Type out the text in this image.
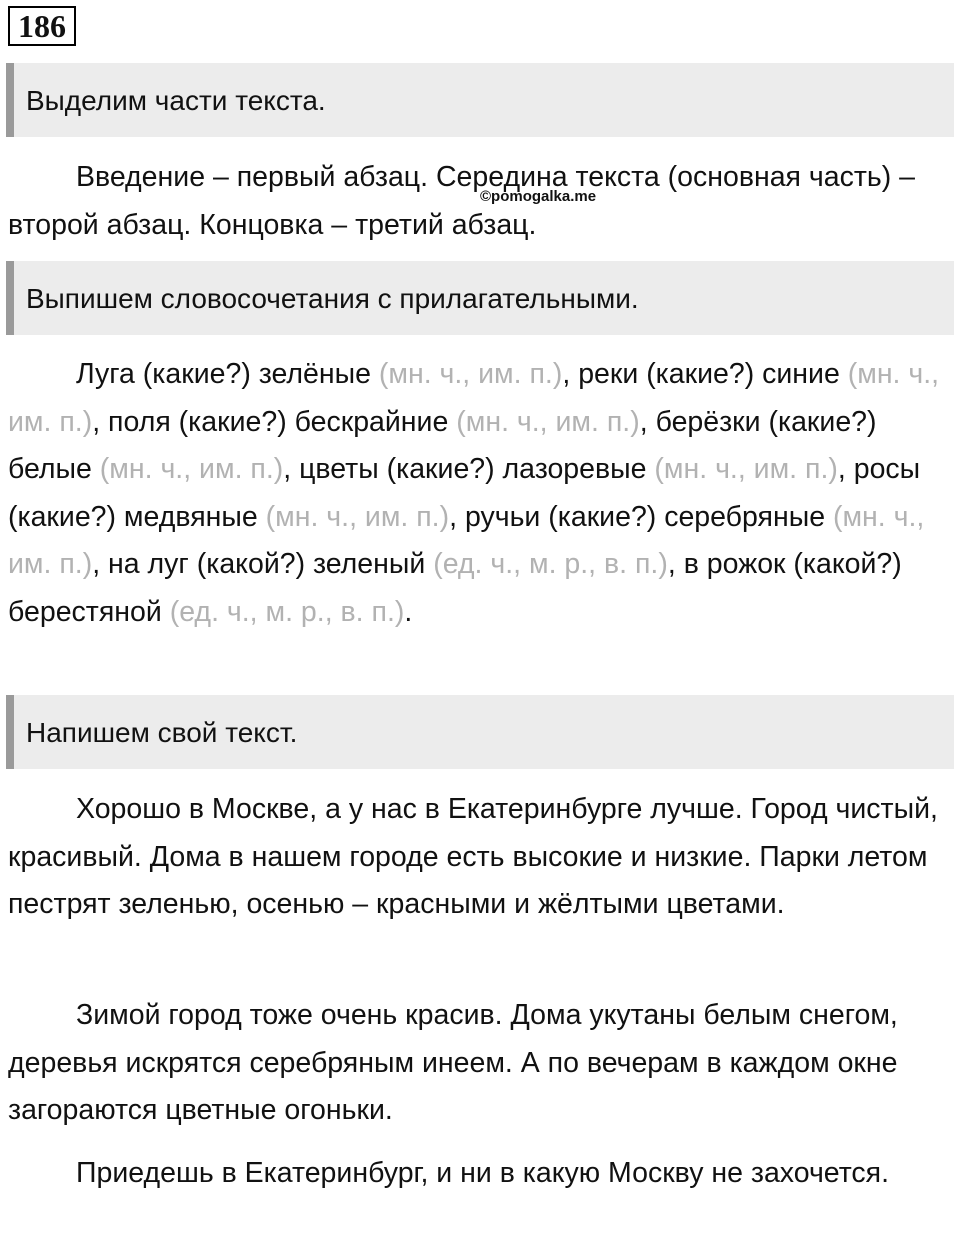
186
Выделим части текста.

Введение – первый абзац. Середина текста (основная часть) – второй абзац. Концовка – третий абзац.

©pomogalka.me
Выпишем словосочетания с прилагательными.

Луга (какие?) зелёные (мн. ч., им. п.), реки (какие?) синие (мн. ч., им. п.), поля (какие?) бескрайние (мн. ч., им. п.), берёзки (какие?) белые (мн. ч., им. п.), цветы (какие?) лазоревые (мн. ч., им. п.), росы (какие?) медвяные (мн. ч., им. п.), ручьи (какие?) серебряные (мн. ч., им. п.), на луг (какой?) зеленый (ед. ч., м. р., в. п.), в рожок (какой?) берестяной (ед. ч., м. р., в. п.).

Напишем свой текст.

Хорошо в Москве, а у нас в Екатеринбурге лучше. Город чистый, красивый. Дома в нашем городе есть высокие и низкие. Парки летом пестрят зеленью, осенью – красными и жёлтыми цветами.

Зимой город тоже очень красив. Дома укутаны белым снегом, деревья искрятся серебряным инеем. А по вечерам в каждом окне загораются цветные огоньки.

Приедешь в Екатеринбург, и ни в какую Москву не захочется.
